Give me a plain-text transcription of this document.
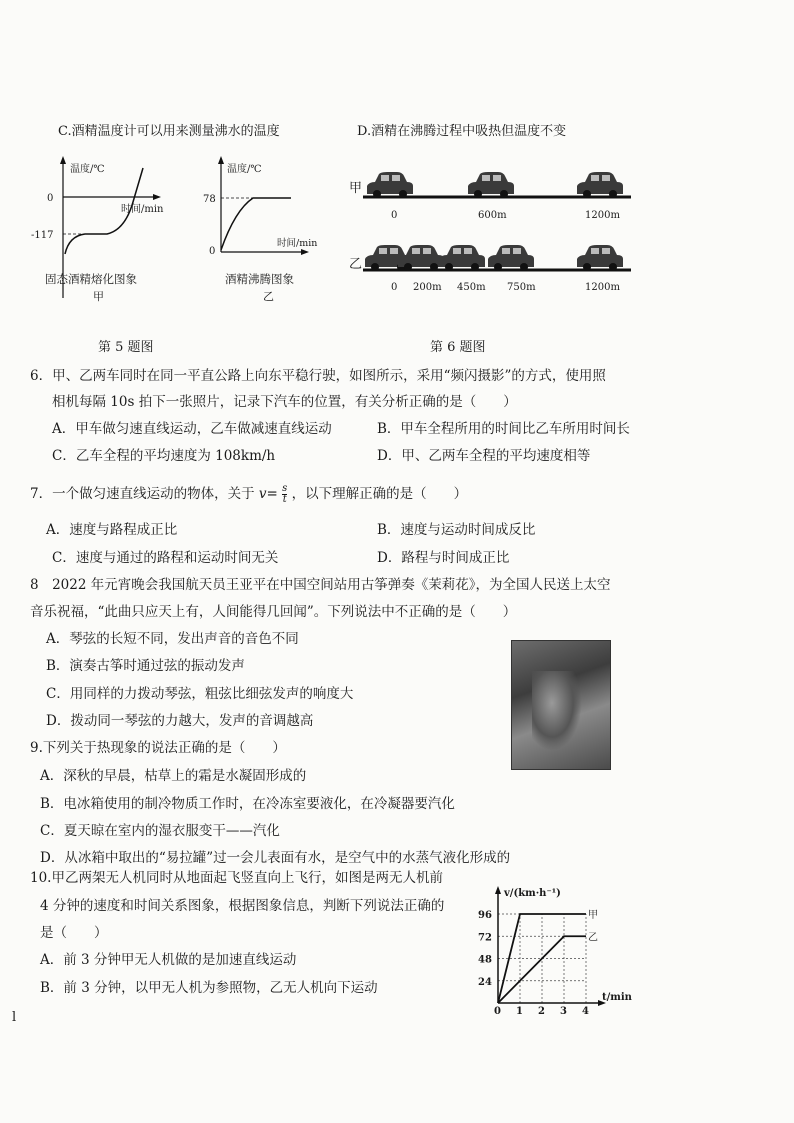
C.酒精温度计可以用来测量沸水的温度	D.酒精在沸腾过程中吸热但温度不变
温度/℃
0
时间/min
-117
固态酒精熔化图象
甲
温度/℃
78
0
时间/min
酒精沸腾图象
乙
甲
0	600m	1200m
乙
0 200m 450m 750m	1200m
第 5 题图	第 6 题图
6．甲、乙两车同时在同一平直公路上向东平稳行驶，如图所示，采用“频闪摄影”的方式，使用照
相机每隔 10s 拍下一张照片，记录下汽车的位置，有关分析正确的是（　　）
A．甲车做匀速直线运动，乙车做减速直线运动	B．甲车全程所用的时间比乙车所用时间长
C．乙车全程的平均速度为 108km/h	D．甲、乙两车全程的平均速度相等
7．一个做匀速直线运动的物体，关于 $v= \frac{s}{t}$ ，以下理解正确的是（　　）
A．速度与路程成正比	B．速度与运动时间成反比
C．速度与通过的路程和运动时间无关	D．路程与时间成正比
8　2022 年元宵晚会我国航天员王亚平在中国空间站用古筝弹奏《茉莉花》，为全国人民送上太空
音乐祝福，“此曲只应天上有，人间能得几回闻”。下列说法中不正确的是（　　）
A．琴弦的长短不同，发出声音的音色不同
B．演奏古筝时通过弦的振动发声
C．用同样的力拨动琴弦，粗弦比细弦发声的响度大
D．拨动同一琴弦的力越大，发声的音调越高
9.下列关于热现象的说法正确的是（　　）
A．深秋的早晨，枯草上的霜是水凝固形成的
B．电冰箱使用的制冷物质工作时，在冷冻室要液化，在冷凝器要汽化
C．夏天晾在室内的湿衣服变干——汽化
D．从冰箱中取出的“易拉罐”过一会儿表面有水，是空气中的水蒸气液化形成的
10.甲乙两架无人机同时从地面起飞竖直向上飞行，如图是两无人机前
4 分钟的速度和时间关系图象，根据图象信息，判断下列说法正确的
是（　　）
A．前 3 分钟甲无人机做的是加速直线运动
B．前 3 分钟，以甲无人机为参照物，乙无人机向下运动
甲
乙
0 1 2 3 4
24
48
72
96
v/(km·h⁻¹)
t/min
l
